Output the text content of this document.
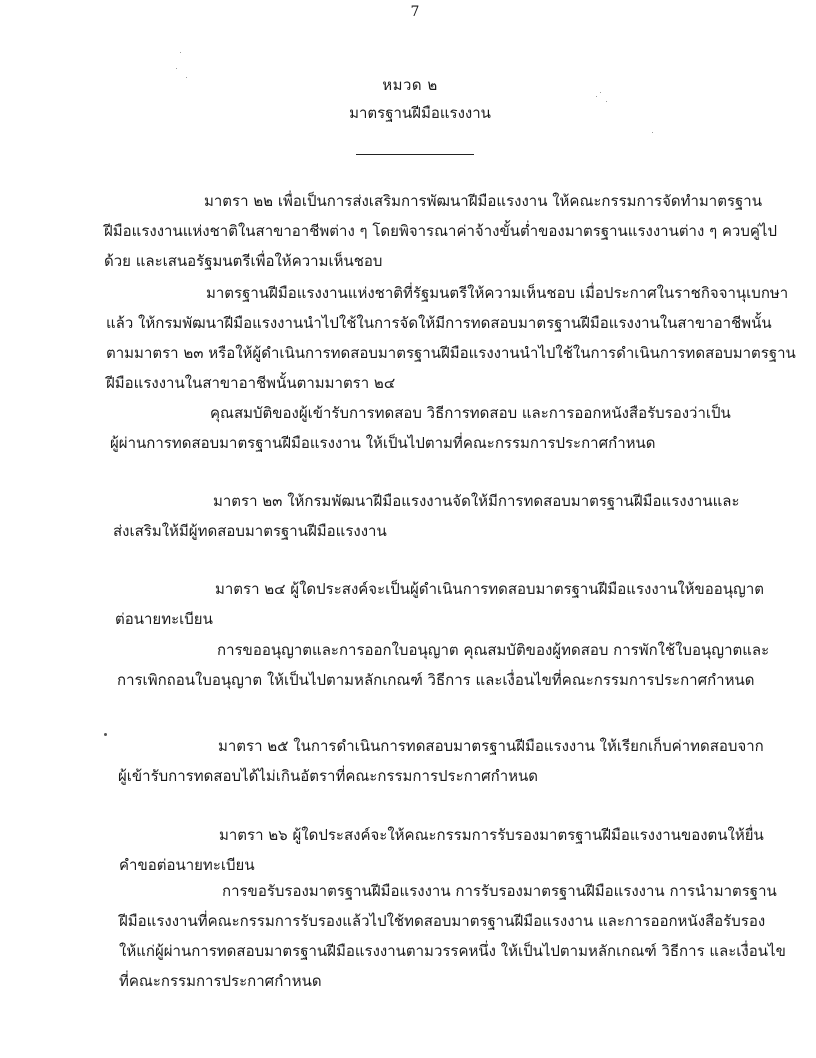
7
หมวด ๒
มาตรฐานฝีมือแรงงาน
มาตรา ๒๒ เพื่อเป็นการส่งเสริมการพัฒนาฝีมือแรงงาน ให้คณะกรรมการจัดทำมาตรฐาน
ฝีมือแรงงานแห่งชาติในสาขาอาชีพต่าง ๆ โดยพิจารณาค่าจ้างขั้นต่ำของมาตรฐานแรงงานต่าง ๆ ควบคู่ไป
ด้วย และเสนอรัฐมนตรีเพื่อให้ความเห็นชอบ
มาตรฐานฝีมือแรงงานแห่งชาติที่รัฐมนตรีให้ความเห็นชอบ เมื่อประกาศในราชกิจจานุเบกษา
แล้ว ให้กรมพัฒนาฝีมือแรงงานนำไปใช้ในการจัดให้มีการทดสอบมาตรฐานฝีมือแรงงานในสาขาอาชีพนั้น
ตามมาตรา ๒๓ หรือให้ผู้ดำเนินการทดสอบมาตรฐานฝีมือแรงงานนำไปใช้ในการดำเนินการทดสอบมาตรฐาน
ฝีมือแรงงานในสาขาอาชีพนั้นตามมาตรา ๒๔
คุณสมบัติของผู้เข้ารับการทดสอบ วิธีการทดสอบ และการออกหนังสือรับรองว่าเป็น
ผู้ผ่านการทดสอบมาตรฐานฝีมือแรงงาน ให้เป็นไปตามที่คณะกรรมการประกาศกำหนด
มาตรา ๒๓ ให้กรมพัฒนาฝีมือแรงงานจัดให้มีการทดสอบมาตรฐานฝีมือแรงงานและ
ส่งเสริมให้มีผู้ทดสอบมาตรฐานฝีมือแรงงาน
มาตรา ๒๔ ผู้ใดประสงค์จะเป็นผู้ดำเนินการทดสอบมาตรฐานฝีมือแรงงานให้ขออนุญาต
ต่อนายทะเบียน
การขออนุญาตและการออกใบอนุญาต คุณสมบัติของผู้ทดสอบ การพักใช้ใบอนุญาตและ
การเพิกถอนใบอนุญาต ให้เป็นไปตามหลักเกณฑ์ วิธีการ และเงื่อนไขที่คณะกรรมการประกาศกำหนด
มาตรา ๒๕ ในการดำเนินการทดสอบมาตรฐานฝีมือแรงงาน ให้เรียกเก็บค่าทดสอบจาก
ผู้เข้ารับการทดสอบได้ไม่เกินอัตราที่คณะกรรมการประกาศกำหนด
มาตรา ๒๖ ผู้ใดประสงค์จะให้คณะกรรมการรับรองมาตรฐานฝีมือแรงงานของตนให้ยื่น
คำขอต่อนายทะเบียน
การขอรับรองมาตรฐานฝีมือแรงงาน การรับรองมาตรฐานฝีมือแรงงาน การนำมาตรฐาน
ฝีมือแรงงานที่คณะกรรมการรับรองแล้วไปใช้ทดสอบมาตรฐานฝีมือแรงงาน และการออกหนังสือรับรอง
ให้แก่ผู้ผ่านการทดสอบมาตรฐานฝีมือแรงงานตามวรรคหนึ่ง ให้เป็นไปตามหลักเกณฑ์ วิธีการ และเงื่อนไข
ที่คณะกรรมการประกาศกำหนด
